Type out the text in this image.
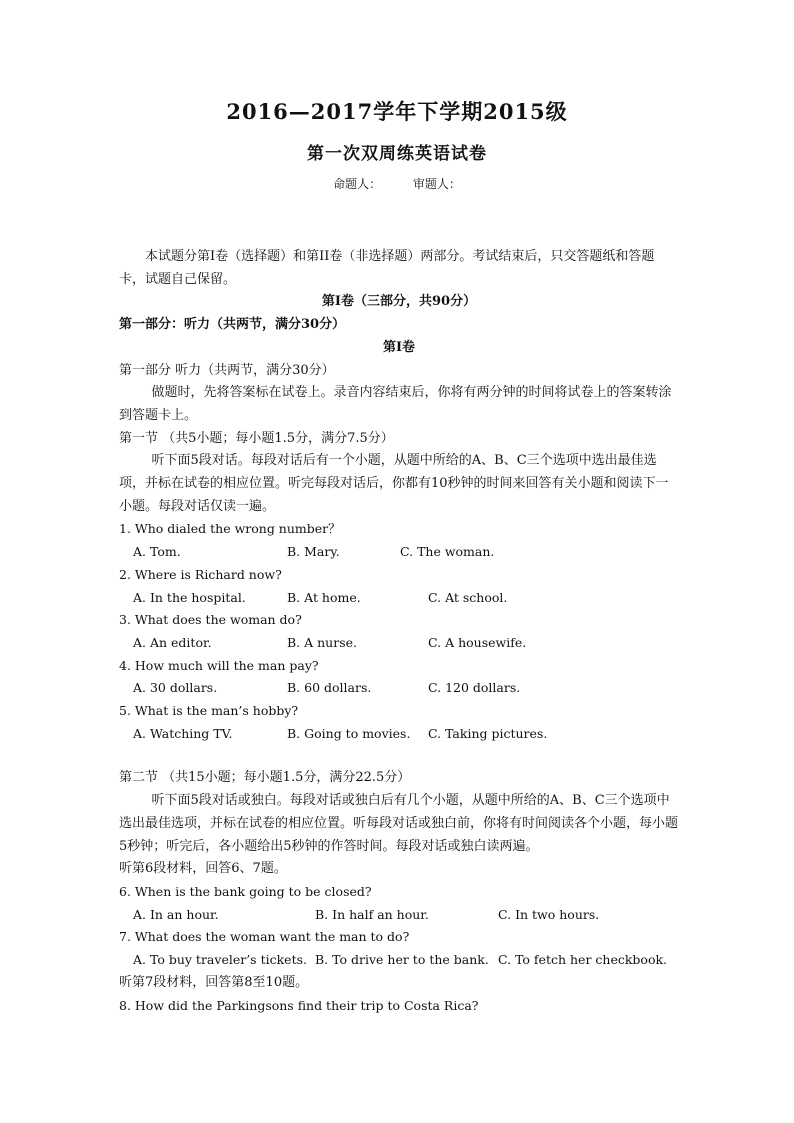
2016—2017学年下学期2015级
第一次双周练英语试卷
命题人：	审题人：

本试题分第I卷（选择题）和第II卷（非选择题）两部分。考试结束后，只交答题纸和答题卡，试题自己保留。

第I卷（三部分，共90分）

第一部分：听力（共两节，满分30分）

第I卷

第一部分 听力（共两节，满分30分）

做题时，先将答案标在试卷上。录音内容结束后，你将有两分钟的时间将试卷上的答案转涂到答题卡上。

第一节 （共5小题；每小题1.5分，满分7.5分）

听下面5段对话。每段对话后有一个小题，从题中所给的A、B、C三个选项中选出最佳选项，并标在试卷的相应位置。听完每段对话后，你都有10秒钟的时间来回答有关小题和阅读下一小题。每段对话仅读一遍。

1. Who dialed the wrong number？

A. Tom.	B. Mary.	C. The woman.

2. Where is Richard now?

A. In the hospital.	B. At home.	C. At school.

3. What does the woman do?

A. An editor.	B. A nurse.	C. A housewife.

4. How much will the man pay?

A. 30 dollars.	B. 60 dollars.	C. 120 dollars.

5. What is the man’s hobby?

A. Watching TV.	B. Going to movies.	C. Taking pictures.

第二节 （共15小题；每小题1.5分，满分22.5分）

听下面5段对话或独白。每段对话或独白后有几个小题，从题中所给的A、B、C三个选项中选出最佳选项，并标在试卷的相应位置。听每段对话或独白前，你将有时间阅读各个小题，每小题5秒钟；听完后，各小题给出5秒钟的作答时间。每段对话或独白读两遍。

听第6段材料，回答6、7题。

6. When is the bank going to be closed?

A. In an hour.	B. In half an hour.	C. In two hours.

7. What does the woman want the man to do?

A. To buy traveler’s tickets. B. To drive her to the bank. C. To fetch her checkbook.

听第7段材料，回答第8至10题。

8. How did the Parkingsons find their trip to Costa Rica?
